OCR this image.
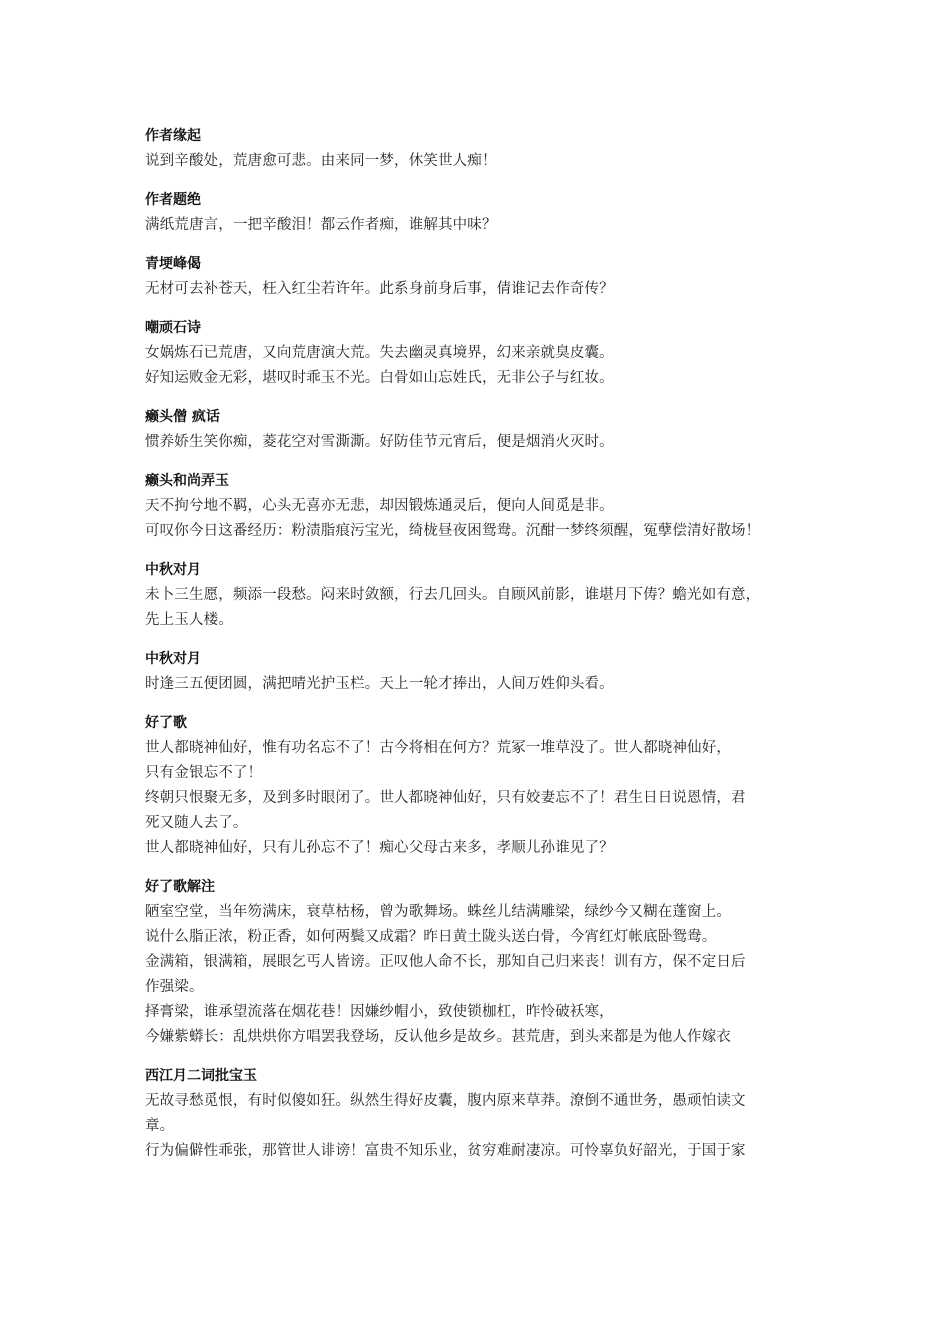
作者缘起
说到辛酸处，荒唐愈可悲。由来同一梦，休笑世人痴！
作者题绝
满纸荒唐言，一把辛酸泪！都云作者痴，谁解其中味？
青埂峰偈
无材可去补苍天，枉入红尘若许年。此系身前身后事，倩谁记去作奇传？
嘲顽石诗
女娲炼石已荒唐，又向荒唐演大荒。失去幽灵真境界，幻来亲就臭皮囊。
好知运败金无彩，堪叹时乖玉不光。白骨如山忘姓氏，无非公子与红妆。
癞头僧 疯话
惯养娇生笑你痴，菱花空对雪澌澌。好防佳节元宵后，便是烟消火灭时。
癞头和尚弄玉
天不拘兮地不羁，心头无喜亦无悲，却因锻炼通灵后，便向人间觅是非。
可叹你今日这番经历：粉渍脂痕污宝光，绮栊昼夜困鸳鸯。沉酣一梦终须醒，冤孽偿清好散场！
中秋对月
未卜三生愿，频添一段愁。闷来时敛额，行去几回头。自顾风前影，谁堪月下俦？蟾光如有意，
先上玉人楼。
中秋对月
时逢三五便团圆，满把晴光护玉栏。天上一轮才捧出，人间万姓仰头看。
好了歌
世人都晓神仙好，惟有功名忘不了！古今将相在何方？荒冢一堆草没了。世人都晓神仙好，
只有金银忘不了！
终朝只恨聚无多，及到多时眼闭了。世人都晓神仙好，只有姣妻忘不了！君生日日说恩情，君
死又随人去了。
世人都晓神仙好，只有儿孙忘不了！痴心父母古来多，孝顺儿孙谁见了？
好了歌解注
陋室空堂，当年笏满床，衰草枯杨，曾为歌舞场。蛛丝儿结满雕梁，绿纱今又糊在蓬窗上。
说什么脂正浓，粉正香，如何两鬓又成霜？昨日黄土陇头送白骨，今宵红灯帐底卧鸳鸯。
金满箱，银满箱，展眼乞丐人皆谤。正叹他人命不长，那知自己归来丧！训有方，保不定日后
作强梁。
择膏梁，谁承望流落在烟花巷！因嫌纱帽小，致使锁枷杠，昨怜破袄寒，
今嫌紫蟒长：乱烘烘你方唱罢我登场，反认他乡是故乡。甚荒唐，到头来都是为他人作嫁衣
西江月二词批宝玉
无故寻愁觅恨，有时似傻如狂。纵然生得好皮囊，腹内原来草莽。潦倒不通世务，愚顽怕读文
章。
行为偏僻性乖张，那管世人诽谤！富贵不知乐业，贫穷难耐凄凉。可怜辜负好韶光，于国于家
